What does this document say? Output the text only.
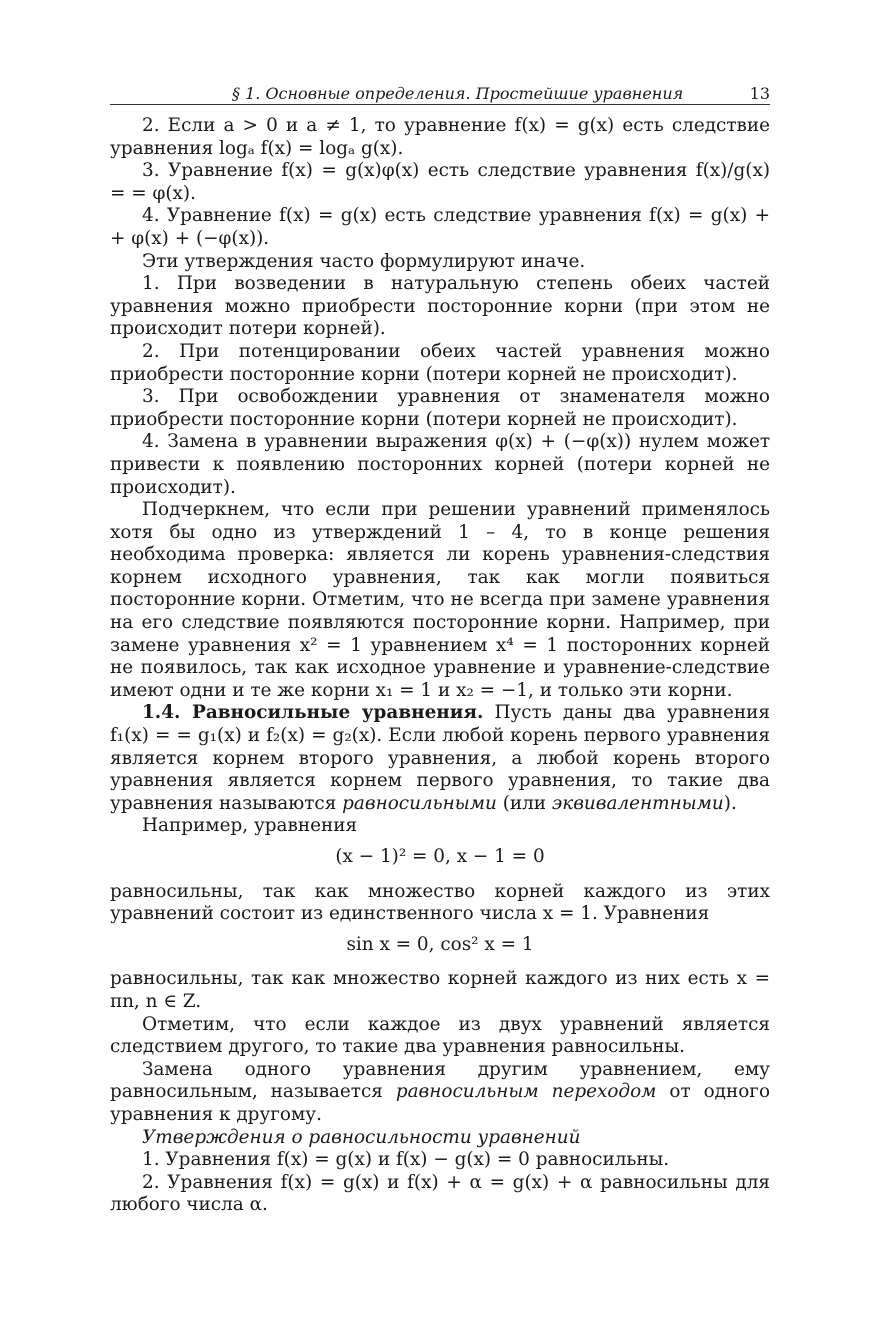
§ 1. Основные определения. Простейшие уравнения	13

2. Если a > 0 и a ≠ 1, то уравнение f(x) = g(x) есть следствие уравнения logₐ f(x) = logₐ g(x).

3. Уравнение f(x) = g(x)φ(x) есть следствие уравнения f(x)/g(x) = = φ(x).

4. Уравнение f(x) = g(x) есть следствие уравнения f(x) = g(x) + + φ(x) + (−φ(x)).

Эти утверждения часто формулируют иначе.

1. При возведении в натуральную степень обеих частей уравнения можно приобрести посторонние корни (при этом не происходит потери корней).

2. При потенцировании обеих частей уравнения можно приобрести посторонние корни (потери корней не происходит).

3. При освобождении уравнения от знаменателя можно приобрести посторонние корни (потери корней не происходит).

4. Замена в уравнении выражения φ(x) + (−φ(x)) нулем может привести к появлению посторонних корней (потери корней не происходит).

Подчеркнем, что если при решении уравнений применялось хотя бы одно из утверждений 1 – 4, то в конце решения необходима проверка: является ли корень уравнения-следствия корнем исходного уравнения, так как могли появиться посторонние корни. Отметим, что не всегда при замене уравнения на его следствие появляются посторонние корни. Например, при замене уравнения x² = 1 уравнением x⁴ = 1 посторонних корней не появилось, так как исходное уравнение и уравнение-следствие имеют одни и те же корни x₁ = 1 и x₂ = −1, и только эти корни.

1.4. Равносильные уравнения. Пусть даны два уравнения f₁(x) = = g₁(x) и f₂(x) = g₂(x). Если любой корень первого уравнения является корнем второго уравнения, а любой корень второго уравнения является корнем первого уравнения, то такие два уравнения называются равносильными (или эквивалентными).

Например, уравнения

(x − 1)² = 0, x − 1 = 0

равносильны, так как множество корней каждого из этих уравнений состоит из единственного числа x = 1. Уравнения

sin x = 0, cos² x = 1

равносильны, так как множество корней каждого из них есть x = πn, n ∈ Z.

Отметим, что если каждое из двух уравнений является следствием другого, то такие два уравнения равносильны.

Замена одного уравнения другим уравнением, ему равносильным, называется равносильным переходом от одного уравнения к другому.

Утверждения о равносильности уравнений

1. Уравнения f(x) = g(x) и f(x) − g(x) = 0 равносильны.

2. Уравнения f(x) = g(x) и f(x) + α = g(x) + α равносильны для любого числа α.
